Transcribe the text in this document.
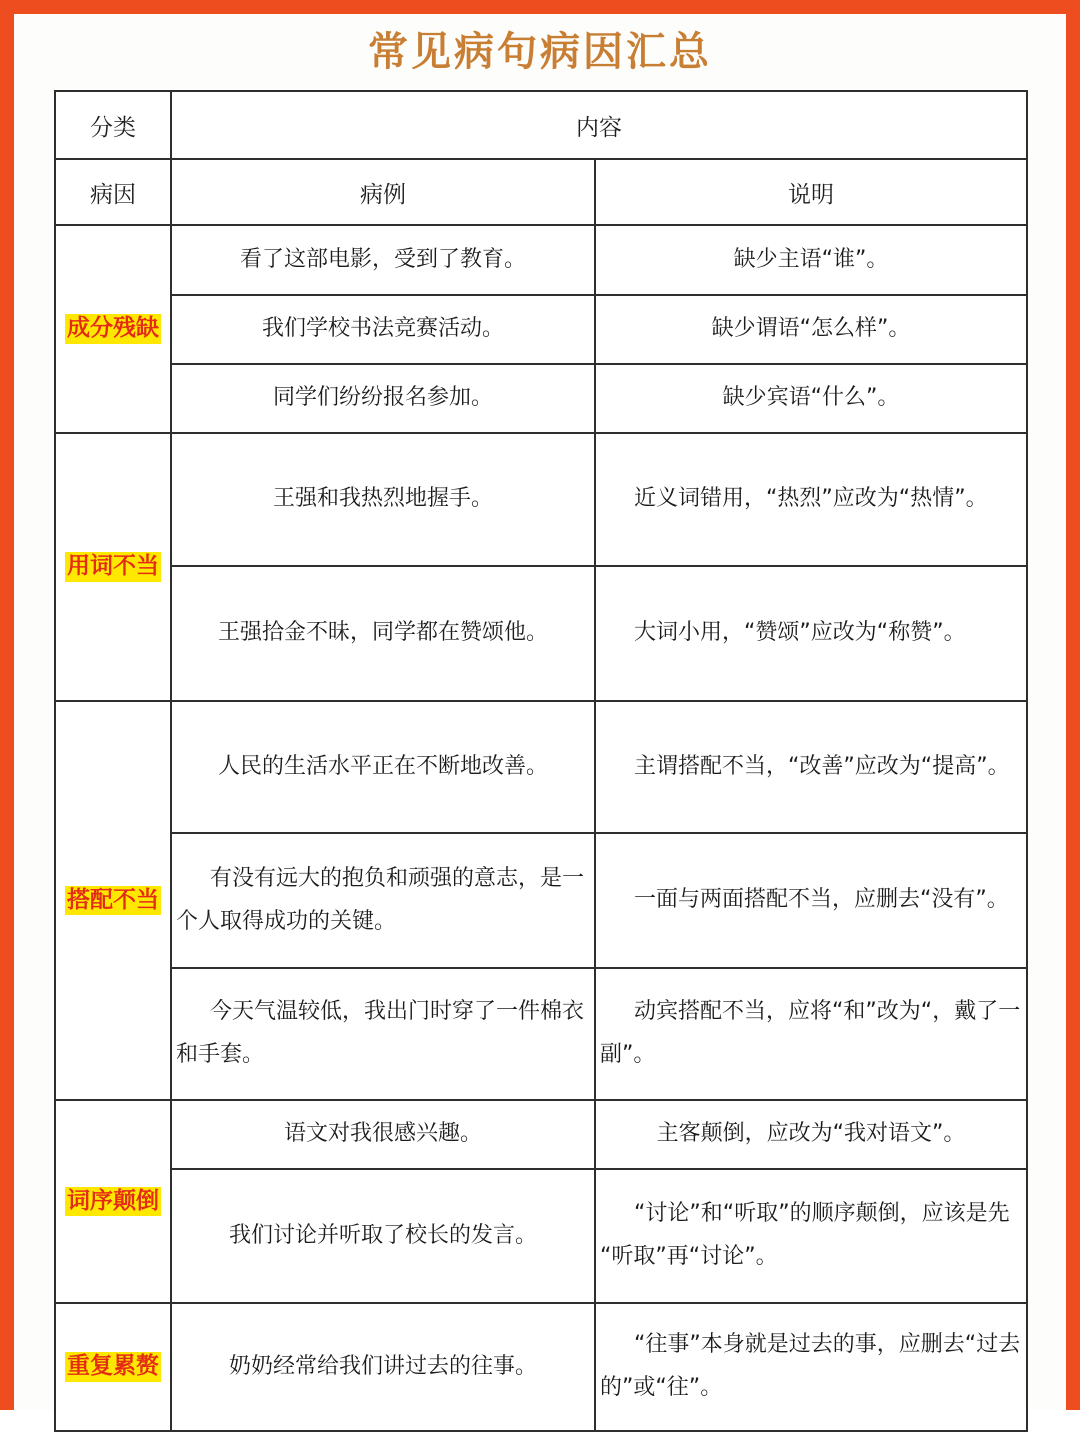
常见病句病因汇总
分类	内容	
病因	病例	说明
成分残缺	看了这部电影，受到了教育。	缺少主语“谁”。

	我们学校书法竞赛活动。	缺少谓语“怎么样”。

	同学们纷纷报名参加。	缺少宾语“什么”。

用词不当	王强和我热烈地握手。	近义词错用，“热烈”应改为“热情”。

	王强拾金不昧，同学都在赞颂他。	大词小用，“赞颂”应改为“称赞”。

搭配不当	人民的生活水平正在不断地改善。	主谓搭配不当，“改善”应改为“提高”。

	有没有远大的抱负和顽强的意志，是一个人取得成功的关键。	一面与两面搭配不当，应删去“没有”。

	今天气温较低，我出门时穿了一件棉衣和手套。	动宾搭配不当，应将“和”改为“，戴了一副”。

词序颠倒	语文对我很感兴趣。	主客颠倒，应改为“我对语文”。

	我们讨论并听取了校长的发言。	“讨论”和“听取”的顺序颠倒，应该是先“听取”再“讨论”。

重复累赘	奶奶经常给我们讲过去的往事。	“往事”本身就是过去的事，应删去“过去的”或“往”。
